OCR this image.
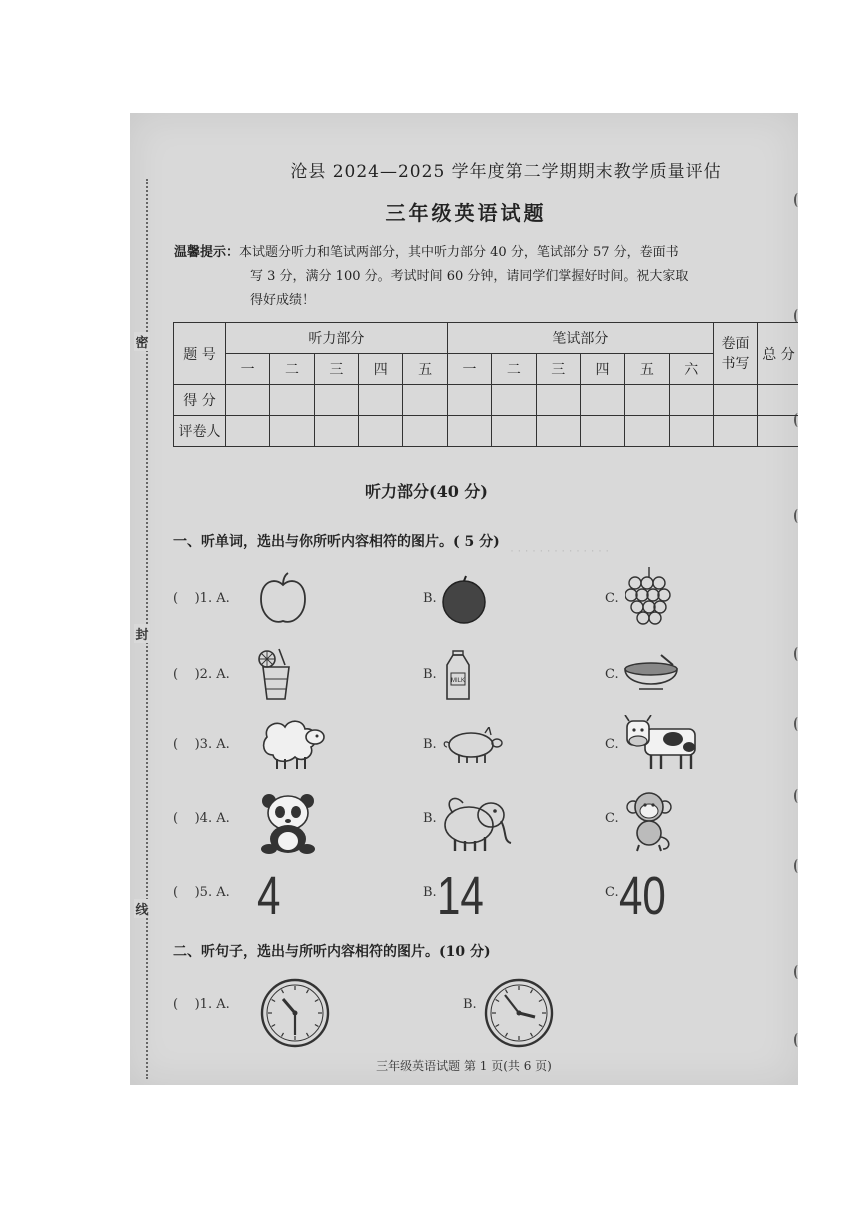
密
封
线
· · · · · · · · · · · · · ·
沧县 2024—2025 学年度第二学期期末教学质量评估
三年级英语试题
温馨提示：本试题分听力和笔试两部分，其中听力部分 40 分，笔试部分 57 分，卷面书
写 3 分，满分 100 分。考试时间 60 分钟，请同学们掌握好时间。祝大家取
得好成绩！
题 号	听力部分					笔试部分						卷面书写	总 分
	一	二	三	四	五	一	二	三	四	五	六		
得 分													
评卷人													
听力部分(40 分)
一、听单词，选出与你所听内容相符的图片。( 5 分)
(    )1. A.	B.	C.
(    )2. A.	B. MILK	C.
(    )3. A.	B.	C.
(    )4. A.	B.	C.
(    )5. A. 4	B. 14	C. 40
二、听句子，选出与所听内容相符的图片。(10 分)
(    )1. A.	B.
三年级英语试题 第 1 页(共 6 页)
